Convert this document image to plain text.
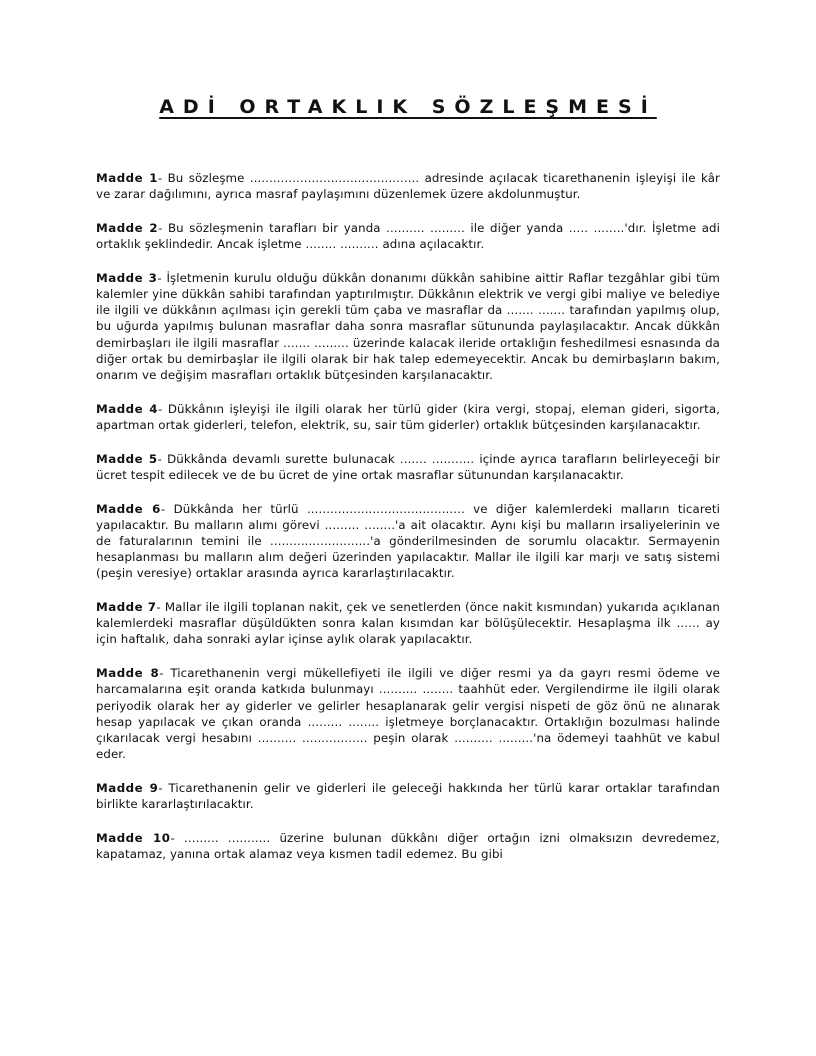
ADİ ORTAKLIK SÖZLEŞMESİ

Madde 1- Bu sözleşme ............................................ adresinde açılacak ticarethanenin işleyişi ile kâr ve zarar dağılımını, ayrıca masraf paylaşımını düzenlemek üzere akdolunmuştur.

Madde 2- Bu sözleşmenin tarafları bir yanda .......... ......... ile diğer yanda ..... ........'dır. İşletme adi ortaklık şeklindedir. Ancak işletme ........ .......... adına açılacaktır.

Madde 3- İşletmenin kurulu olduğu dükkân donanımı dükkân sahibine aittir Raflar tezgâhlar gibi tüm kalemler yine dükkân sahibi tarafından yaptırılmıştır. Dükkânın elektrik ve vergi gibi maliye ve belediye ile ilgili ve dükkânın açılması için gerekli tüm çaba ve masraflar da ....... ....... tarafından yapılmış olup, bu uğurda yapılmış bulunan masraflar daha sonra masraflar sütununda paylaşılacaktır. Ancak dükkân demirbaşları ile ilgili masraflar ....... ......... üzerinde kalacak ileride ortaklığın feshedilmesi esnasında da diğer ortak bu demirbaşlar ile ilgili olarak bir hak talep edemeyecektir. Ancak bu demirbaşların bakım, onarım ve değişim masrafları ortaklık bütçesinden karşılanacaktır.

Madde 4- Dükkânın işleyişi ile ilgili olarak her türlü gider (kira vergi, stopaj, eleman gideri, sigorta, apartman ortak giderleri, telefon, elektrik, su, sair tüm giderler) ortaklık bütçesinden karşılanacaktır.

Madde 5- Dükkânda devamlı surette bulunacak ....... ........... içinde ayrıca tarafların belirleyeceği bir ücret tespit edilecek ve de bu ücret de yine ortak masraflar sütunundan karşılanacaktır.

Madde 6- Dükkânda her türlü ......................................... ve diğer kalemlerdeki malların ticareti yapılacaktır. Bu malların alımı görevi ......... ........'a ait olacaktır. Aynı kişi bu malların irsaliyelerinin ve de faturalarının temini ile ..........................'a gönderilmesinden de sorumlu olacaktır. Sermayenin hesaplanması bu malların alım değeri üzerinden yapılacaktır. Mallar ile ilgili kar marjı ve satış sistemi (peşin veresiye) ortaklar arasında ayrıca kararlaştırılacaktır.

Madde 7- Mallar ile ilgili toplanan nakit, çek ve senetlerden (önce nakit kısmından) yukarıda açıklanan kalemlerdeki masraflar düşüldükten sonra kalan kısımdan kar bölüşülecektir. Hesaplaşma ilk ...... ay için haftalık, daha sonraki aylar içinse aylık olarak yapılacaktır.

Madde 8- Ticarethanenin vergi mükellefiyeti ile ilgili ve diğer resmi ya da gayrı resmi ödeme ve harcamalarına eşit oranda katkıda bulunmayı .......... ........ taahhüt eder. Vergilendirme ile ilgili olarak periyodik olarak her ay giderler ve gelirler hesaplanarak gelir vergisi nispeti de göz önü ne alınarak hesap yapılacak ve çıkan oranda ......... ........ işletmeye borçlanacaktır. Ortaklığın bozulması halinde çıkarılacak vergi hesabını .......... ................. peşin olarak .......... .........'na ödemeyi taahhüt ve kabul eder.

Madde 9- Ticarethanenin gelir ve giderleri ile geleceği hakkında her türlü karar ortaklar tarafından birlikte kararlaştırılacaktır.

Madde 10- ......... ........... üzerine bulunan dükkânı diğer ortağın izni olmaksızın devredemez, kapatamaz, yanına ortak alamaz veya kısmen tadil edemez. Bu gibi
